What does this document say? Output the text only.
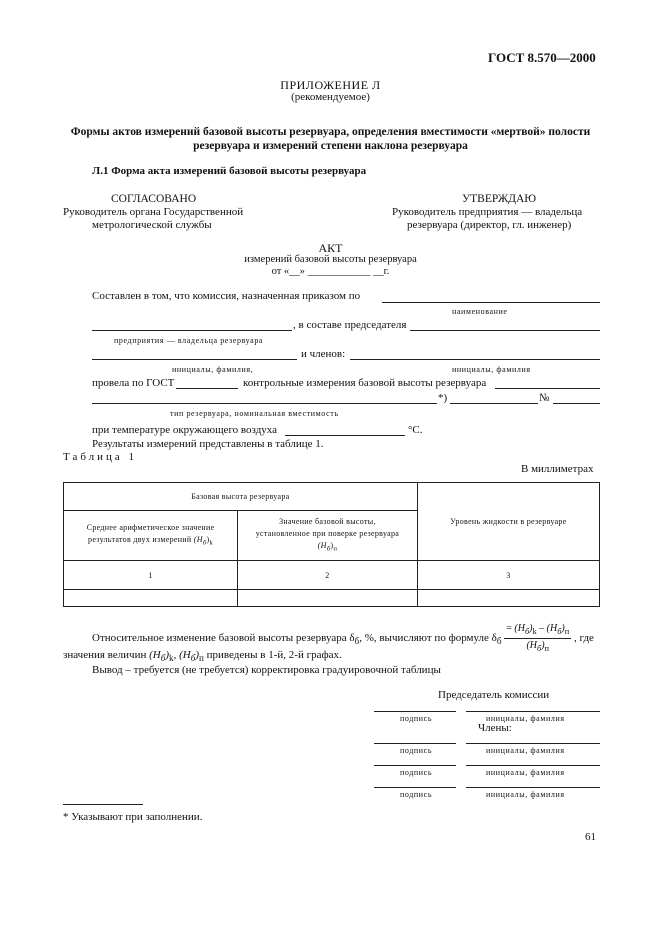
ГОСТ 8.570—2000
ПРИЛОЖЕНИЕ Л
(рекомендуемое)
Формы актов измерений базовой высоты резервуара, определения вместимости «мертвой» полости
резервуара и измерений степени наклона резервуара
Л.1 Форма акта измерений базовой высоты резервуара
СОГЛАСОВАНО
Руководитель органа Государственной
метрологической службы
УТВЕРЖДАЮ
Руководитель предприятия — владельца
резервуара (директор, гл. инженер)
АКТ
измерений базовой высоты резервуара
от «__» ____________ __г.
Составлен в том, что комиссия, назначенная приказом по
наименование
, в составе председателя
предприятия — владельца резервуара
и членов:
инициалы, фамилия,	инициалы, фамилия
провела по ГОСТ	контрольные измерения базовой высоты резервуара
*)	№
тип резервуара, номинальная вместимость
при температуре окружающего воздуха	°С.
Результаты измерений представлены в таблице 1.
Таблица 1
В миллиметрах
Базовая высота резервуара		Уровень жидкости в резервуаре
Среднее арифметическое значение
результатов двух измерений $(H_б)_k$	Значение базовой высоты,
установленное при поверке резервуара
$(H_б)_п$
1	2	3

Относительное изменение базовой высоты резервуара $\delta_б$, %, вычисляют по формуле $\delta_б \frac{= (H_б)_k - (H_б)_п}{(H_б)_п}$ , где
значения величин $(H_б)_k$, $(H_б)_п$ приведены в 1-й, 2-й графах.
Вывод – требуется (не требуется) корректировка градуировочной таблицы
Председатель комиссии
подпись	инициалы, фамилия
Члены:
подпись	инициалы, фамилия
подпись	инициалы, фамилия
подпись	инициалы, фамилия
* Указывают при заполнении.
61
